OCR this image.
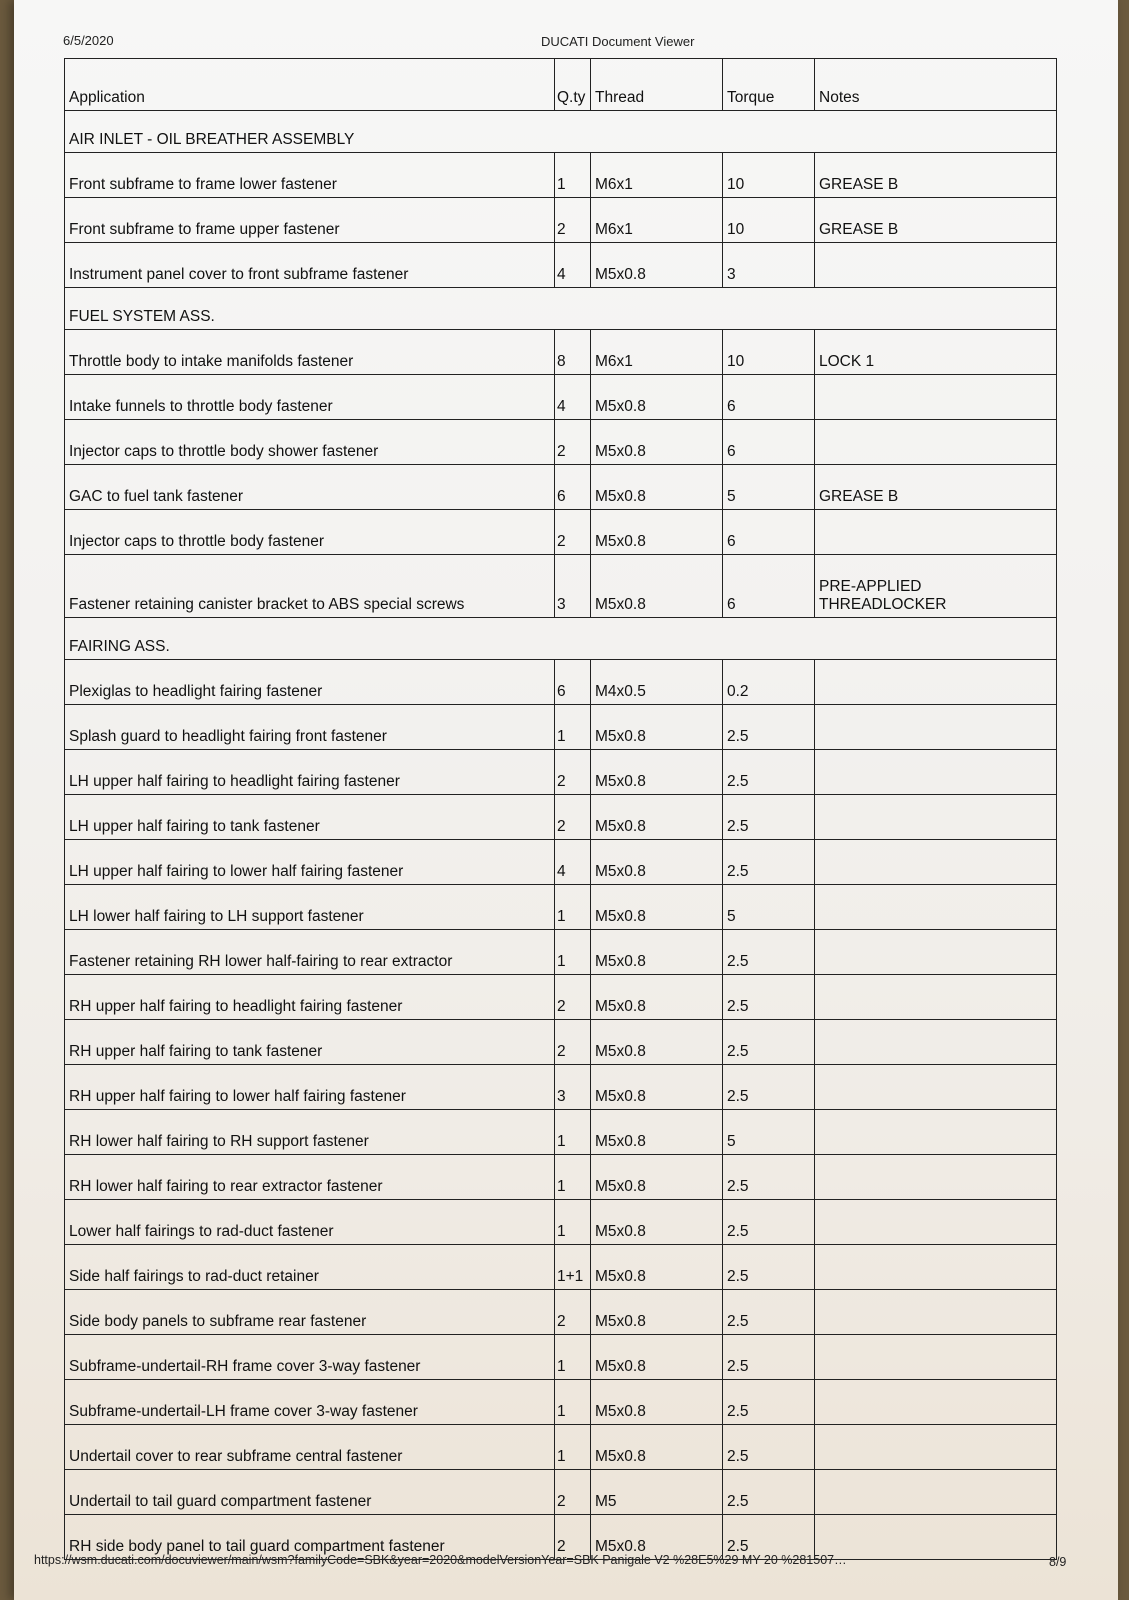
6/5/2020	DUCATI Document Viewer
Application	Q.ty	Thread	Torque	Notes
AIR INLET - OIL BREATHER ASSEMBLY				
Front subframe to frame lower fastener	1	M6x1	10	GREASE B
Front subframe to frame upper fastener	2	M6x1	10	GREASE B
Instrument panel cover to front subframe fastener	4	M5x0.8	3	
FUEL SYSTEM ASS.				
Throttle body to intake manifolds fastener	8	M6x1	10	LOCK 1
Intake funnels to throttle body fastener	4	M5x0.8	6	
Injector caps to throttle body shower fastener	2	M5x0.8	6	
GAC to fuel tank fastener	6	M5x0.8	5	GREASE B
Injector caps to throttle body fastener	2	M5x0.8	6	
Fastener retaining canister bracket to ABS special screws	3	M5x0.8	6	PRE-APPLIED
THREADLOCKER
FAIRING ASS.				
Plexiglas to headlight fairing fastener	6	M4x0.5	0.2	
Splash guard to headlight fairing front fastener	1	M5x0.8	2.5	
LH upper half fairing to headlight fairing fastener	2	M5x0.8	2.5	
LH upper half fairing to tank fastener	2	M5x0.8	2.5	
LH upper half fairing to lower half fairing fastener	4	M5x0.8	2.5	
LH lower half fairing to LH support fastener	1	M5x0.8	5	
Fastener retaining RH lower half-fairing to rear extractor	1	M5x0.8	2.5	
RH upper half fairing to headlight fairing fastener	2	M5x0.8	2.5	
RH upper half fairing to tank fastener	2	M5x0.8	2.5	
RH upper half fairing to lower half fairing fastener	3	M5x0.8	2.5	
RH lower half fairing to RH support fastener	1	M5x0.8	5	
RH lower half fairing to rear extractor fastener	1	M5x0.8	2.5	
Lower half fairings to rad-duct fastener	1	M5x0.8	2.5	
Side half fairings to rad-duct retainer	1+1	M5x0.8	2.5	
Side body panels to subframe rear fastener	2	M5x0.8	2.5	
Subframe-undertail-RH frame cover 3-way fastener	1	M5x0.8	2.5	
Subframe-undertail-LH frame cover 3-way fastener	1	M5x0.8	2.5	
Undertail cover to rear subframe central fastener	1	M5x0.8	2.5	
Undertail to tail guard compartment fastener	2	M5	2.5	
RH side body panel to tail guard compartment fastener	2	M5x0.8	2.5	
https://wsm.ducati.com/docuviewer/main/wsm?familyCode=SBK&year=2020&modelVersionYear=SBK Panigale V2 %28E5%29 MY 20 %281507…	8/9
